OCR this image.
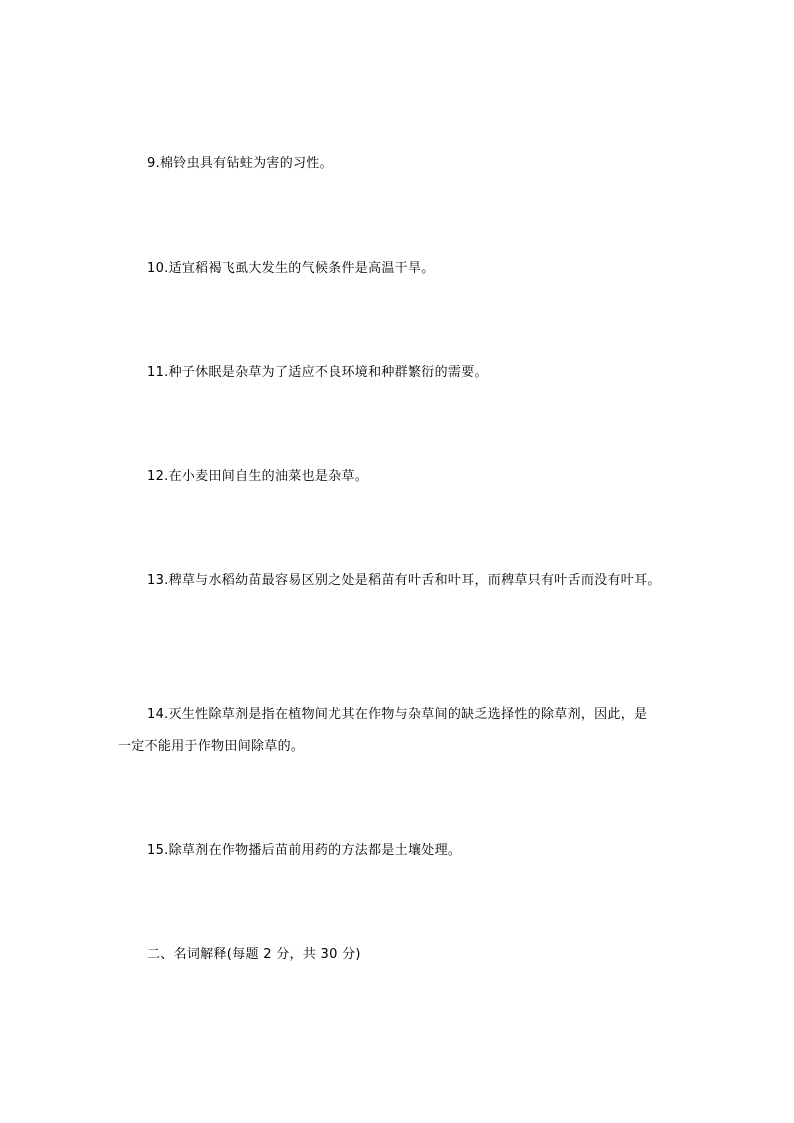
9.棉铃虫具有钻蛀为害的习性。

10.适宜稻褐飞虱大发生的气候条件是高温干旱。

11.种子休眠是杂草为了适应不良环境和种群繁衍的需要。

12.在小麦田间自生的油菜也是杂草。

13.稗草与水稻幼苗最容易区别之处是稻苗有叶舌和叶耳，而稗草只有叶舌而没有叶耳。

14.灭生性除草剂是指在植物间尤其在作物与杂草间的缺乏选择性的除草剂，因此，是

一定不能用于作物田间除草的。

15.除草剂在作物播后苗前用药的方法都是土壤处理。

二、名词解释(每题 2 分，共 30 分)
